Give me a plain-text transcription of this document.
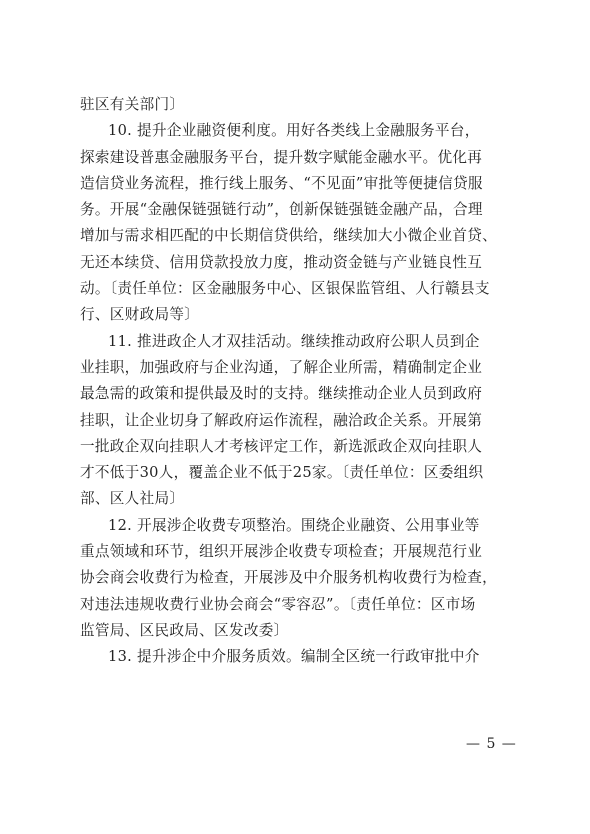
驻区有关部门〕
10. 提升企业融资便利度。用好各类线上金融服务平台，
探索建设普惠金融服务平台，提升数字赋能金融水平。优化再
造信贷业务流程，推行线上服务、“不见面”审批等便捷信贷服
务。开展“金融保链强链行动”，创新保链强链金融产品，合理
增加与需求相匹配的中长期信贷供给，继续加大小微企业首贷、
无还本续贷、信用贷款投放力度，推动资金链与产业链良性互
动。〔责任单位：区金融服务中心、区银保监管组、人行赣县支
行、区财政局等〕
11. 推进政企人才双挂活动。继续推动政府公职人员到企
业挂职，加强政府与企业沟通，了解企业所需，精确制定企业
最急需的政策和提供最及时的支持。继续推动企业人员到政府
挂职，让企业切身了解政府运作流程，融洽政企关系。开展第
一批政企双向挂职人才考核评定工作，新选派政企双向挂职人
才不低于30人，覆盖企业不低于25家。〔责任单位：区委组织
部、区人社局〕
12. 开展涉企收费专项整治。围绕企业融资、公用事业等
重点领域和环节，组织开展涉企收费专项检查；开展规范行业
协会商会收费行为检查，开展涉及中介服务机构收费行为检查，
对违法违规收费行业协会商会“零容忍”。〔责任单位：区市场
监管局、区民政局、区发改委〕
13. 提升涉企中介服务质效。编制全区统一行政审批中介
— 5 —
